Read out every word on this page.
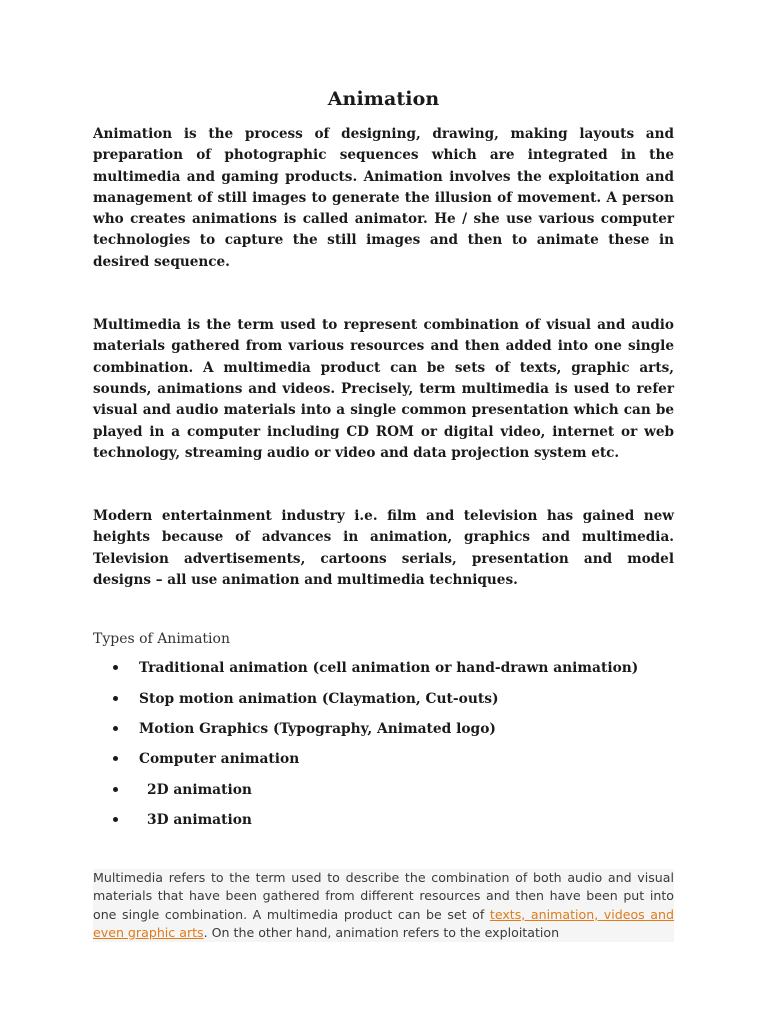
Animation

Animation is the process of designing, drawing, making layouts and preparation of photographic sequences which are integrated in the multimedia and gaming products. Animation involves the exploitation and management of still images to generate the illusion of movement. A person who creates animations is called animator. He / she use various computer technologies to capture the still images and then to animate these in desired sequence.

Multimedia is the term used to represent combination of visual and audio materials gathered from various resources and then added into one single combination. A multimedia product can be sets of texts, graphic arts, sounds, animations and videos. Precisely, term multimedia is used to refer visual and audio materials into a single common presentation which can be played in a computer including CD ROM or digital video, internet or web technology, streaming audio or video and data projection system etc.

Modern entertainment industry i.e. film and television has gained new heights because of advances in animation, graphics and multimedia. Television advertisements, cartoons serials, presentation and model designs – all use animation and multimedia techniques.

Types of Animation
Traditional animation (cell animation or hand-drawn animation)
Stop motion animation (Claymation, Cut-outs)
Motion Graphics (Typography, Animated logo)
Computer animation
2D animation
3D animation

Multimedia refers to the term used to describe the combination of both audio and visual materials that have been gathered from different resources and then have been put into one single combination. A multimedia product can be set of texts, animation, videos and even graphic arts. On the other hand, animation refers to the exploitation
